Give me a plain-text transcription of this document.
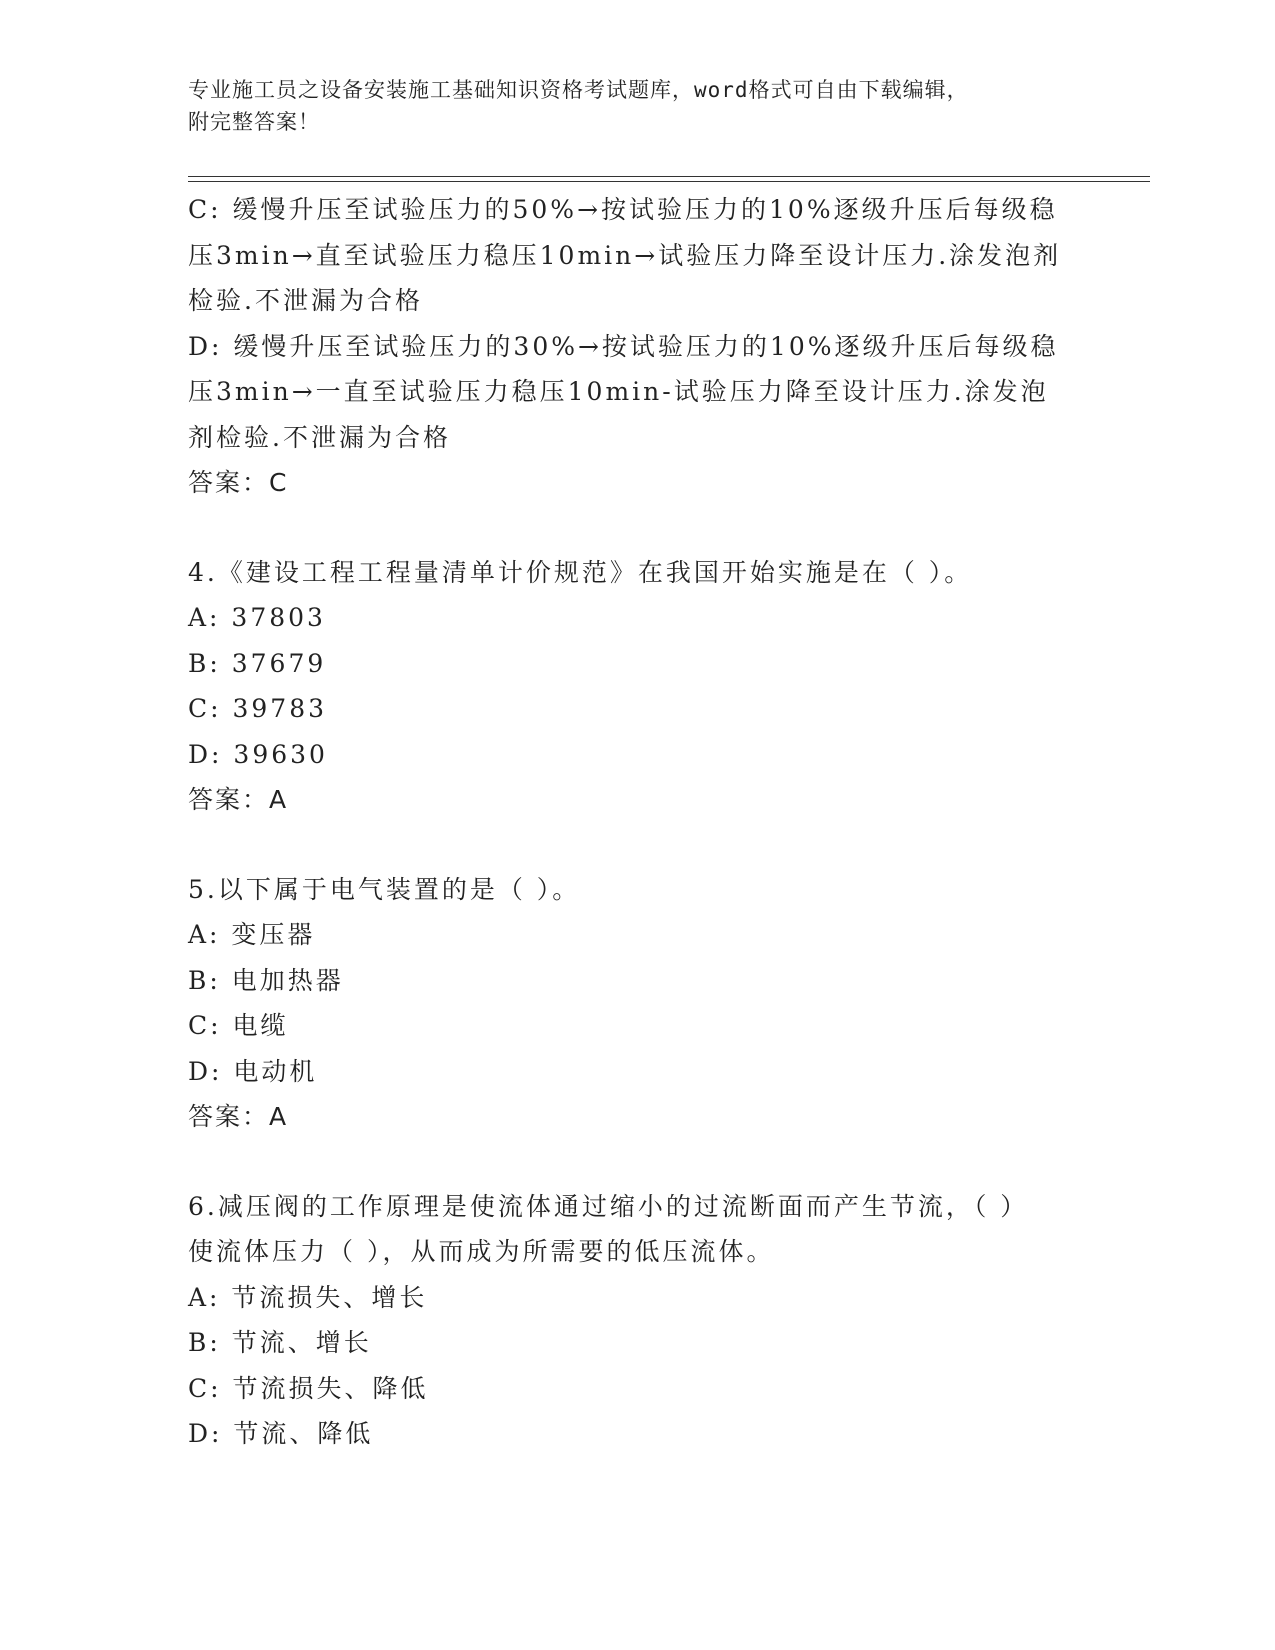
专业施工员之设备安装施工基础知识资格考试题库，word格式可自由下载编辑，
附完整答案！
C: 缓慢升压至试验压力的50%→按试验压力的10%逐级升压后每级稳
压3min→直至试验压力稳压10min→试验压力降至设计压力.涂发泡剂
检验.不泄漏为合格
D: 缓慢升压至试验压力的30%→按试验压力的10%逐级升压后每级稳
压3min→一直至试验压力稳压10min-试验压力降至设计压力.涂发泡
剂检验.不泄漏为合格
答案：C
4.《建设工程工程量清单计价规范》在我国开始实施是在（ ）。
A: 37803
B: 37679
C: 39783
D: 39630
答案：A
5.以下属于电气装置的是（ ）。
A: 变压器
B: 电加热器
C: 电缆
D: 电动机
答案：A
6.减压阀的工作原理是使流体通过缩小的过流断面而产生节流，（ ）
使流体压力（ ），从而成为所需要的低压流体。
A: 节流损失、增长
B: 节流、增长
C: 节流损失、降低
D: 节流、降低
